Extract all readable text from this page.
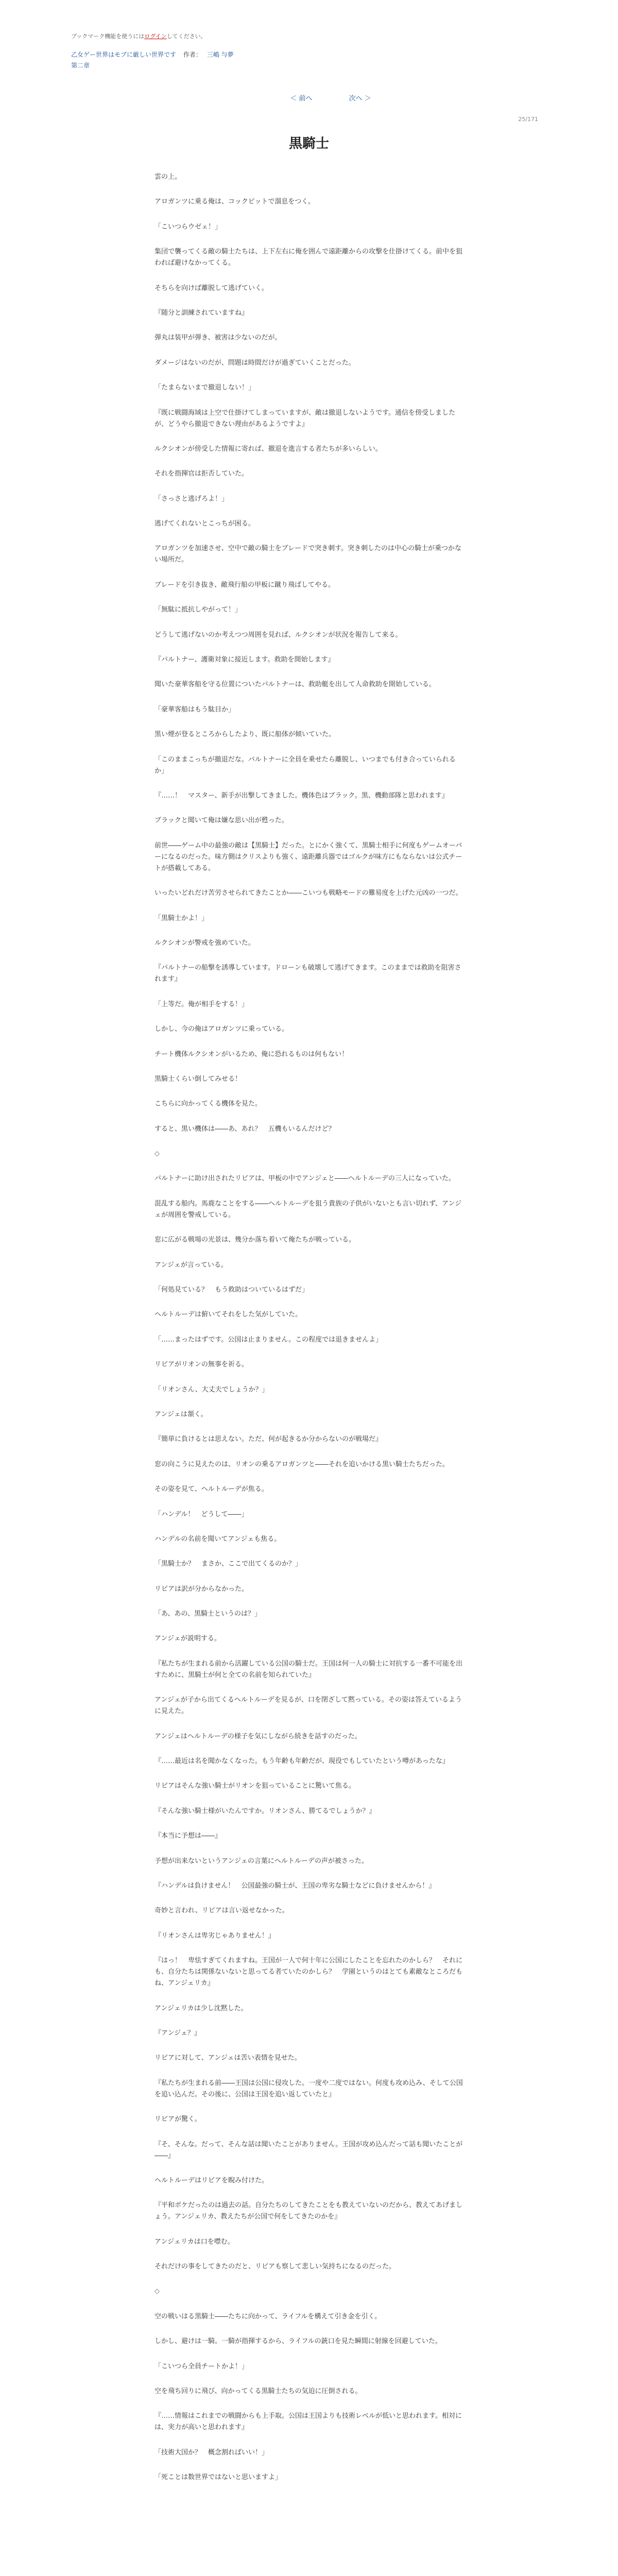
ブックマーク機能を使うにはログインしてください。
乙女ゲー世界はモブに厳しい世界です 作者： 三嶋 与夢
第二章
＜ 前へ	次へ ＞
25/171
黒騎士

雲の上。

アロガンツに乗る俺は、コックピットで溜息をつく。

「こいつらウゼェ！」

集団で襲ってくる敵の騎士たちは、上下左右に俺を囲んで遠距離からの攻撃を仕掛けてくる。前中を狙われば避けなかってくる。

そちらを向けば離脱して逃げていく。

『随分と訓練されていますね』

弾丸は装甲が弾き、被害は少ないのだが。

ダメージはないのだが、問題は時間だけが過ぎていくことだった。

「たまらないまで撤退しない！」

『既に戦闘海域は上空で仕掛けてしまっていますが、敵は撤退しないようです。通信を傍受しましたが、どうやら撤退できない理由があるようですよ』

ルクシオンが傍受した情報に寄れば、撤退を進言する者たちが多いらしい。

それを指揮官は拒否していた。

「さっさと逃げろよ！」

逃げてくれないとこっちが困る。

アロガンツを加速させ、空中で敵の騎士をブレードで突き刺す。突き刺したのは中心の騎士が乗つかない場所だ。

ブレードを引き抜き、敵飛行船の甲板に蹴り飛ばしてやる。

「無駄に抵抗しやがって！」

どうして逃げないのか考えつつ周囲を見れば、ルクシオンが状況を報告して来る。

『パルトナー、護衛対象に接近します。救助を開始します』

聞いた豪華客船を守る位置についたパルトナーは、救助艇を出して人命救助を開始している。

「豪華客船はもう駄目か」

黒い煙が登るところからしたより、既に船体が傾いていた。

「このままこっちが撤退だな。パルトナーに全員を乗せたら離脱し、いつまでも付き合っていられるか」

『……！　マスター、新手が出撃してきました。機体色はブラック。黒、機動部隊と思われます』

ブラックと聞いて俺は嫌な思い出が甦った。

前世――ゲーム中の最強の敵は【黒騎士】だった。とにかく強くて、黒騎士相手に何度もゲームオーバーになるのだった。味方側はクリスよりも強く、遠距離兵器ではゴルクが味方にもならないは公式チートが搭載してある。

いったいどれだけ苦労させられてきたことか――こいつも戦略モードの難易度を上げた元凶の一つだ。

「黒騎士かよ！」

ルクシオンが警戒を強めていた。

『パルトナーの船撃を誘導しています。ドローンも破壊して逃げてきます。このままでは救助を阻害されます』

「上等だ。俺が相手をする！」

しかし、今の俺はアロガンツに乗っている。

チート機体ルクシオンがいるため、俺に恐れるものは何もない！

黒騎士くらい倒してみせる！

こちらに向かってくる機体を見た。

すると、黒い機体は――あ、あれ？　五機もいるんだけど？

◇

パルトナーに助け出されたリビアは、甲板の中でアンジェと――ヘルトルーデの三人になっていた。

混乱する船内。馬鹿なことをする――ヘルトルーデを狙う貴族の子供がいないとも言い切れず、アンジェが周囲を警戒している。

窓に広がる戦場の光景は、幾分か落ち着いて俺たちが戦っている。

アンジェが言っている。

「何処見ている？　もう救助はついているはずだ」

ヘルトルーデは俯いてそれをした気がしていた。

「……まったはずです。公国は止まりません。この程度では退きませんよ」

リビアがリオンの無事を祈る。

「リオンさん、大丈夫でしょうか？」

アンジェは頷く。

『簡単に負けるとは思えない。ただ、何が起きるか分からないのが戦場だ』

窓の向こうに見えたのは、リオンの乗るアロガンツと――それを追いかける黒い騎士たちだった。

その姿を見て、ヘルトルーデが焦る。

「ハンデル！　どうして――」

ハンデルの名前を聞いてアンジェも焦る。

「黒騎士か？　まさか、ここで出てくるのか？」

リビアは訳が分からなかった。

「あ、あの、黒騎士というのは？」

アンジェが説明する。

『私たちが生まれる前から活躍している公国の騎士だ。王国は何一人の騎士に対抗する一番不可能を出すために、黒騎士が何と全ての名前を知られていた』

アンジェが子から出てくるヘルトルーデを見るが、口を閉ざして黙っている。その姿は答えているように見えた。

アンジェはヘルトルーデの様子を気にしながら続きを話すのだった。

『……最近は名を聞かなくなった。もう年齢も年齢だが、現役でもしていたという噂があったな』

リビアはそんな強い騎士がリオンを狙っていることに驚いて焦る。

『そんな強い騎士様がいたんですか。リオンさん、勝てるでしょうか？』

『本当に予想は――』

予想が出来ないというアンジェの言葉にヘルトルーデの声が被さった。

『ハンデルは負けません！　公国最強の騎士が、王国の卑劣な騎士などに負けませんから！』

奇妙と言われ、リビアは言い返せなかった。

『リオンさんは卑劣じゃありません！』

『はっ！　卑怯すぎてくれますね。王国が一人で何十年に公国にしたことを忘れたのかしら？　それにも、自分たちは関係ないないと思ってる者ていたのかしら？　学園というのはとても素敵なところだもね、アンジェリカ』

アンジェリカは少し沈黙した。

『アンジェ？』

リビアに対して、アンジェは苦い表情を見せた。

『私たちが生まれる前――王国は公国に侵攻した。一度や二度ではない。何度も攻め込み、そして公国を追い込んだ。その後に、公国は王国を追い返していたと』

リビアが驚く。

『そ、そんな。だって、そんな話は聞いたことがありません。王国が攻め込んだって話も聞いたことが――』

ヘルトルーデはリビアを睨み付けた。

『平和ボケだったのは過去の話。自分たちのしてきたことをも教えていないのだから、教えてあげましょう。アンジェリカ、教えたちが公国で何をしてきたのかを』

アンジェリカは口を噤む。

それだけの事をしてきたのだと、リビアも察して悲しい気持ちになるのだった。

◇

空の戦いはる黒騎士――たちに向かって、ライフルを構えて引き金を引く。

しかし、避けは一騎。一騎が指揮するから、ライフルの銃口を見た瞬間に射線を回避していた。

「こいつら全員チートかよ！」

空を飛ち回りに飛び、向かってくる黒騎士たちの気迫に圧倒される。

『……情報はこれまでの戦闘からも上手取。公国は王国よりも技術レベルが低いと思われます。相対には、実力が高いと思われます』

「技術大国か？　概念割ればいい！」

「死ことは数世界ではないと思いますよ」
